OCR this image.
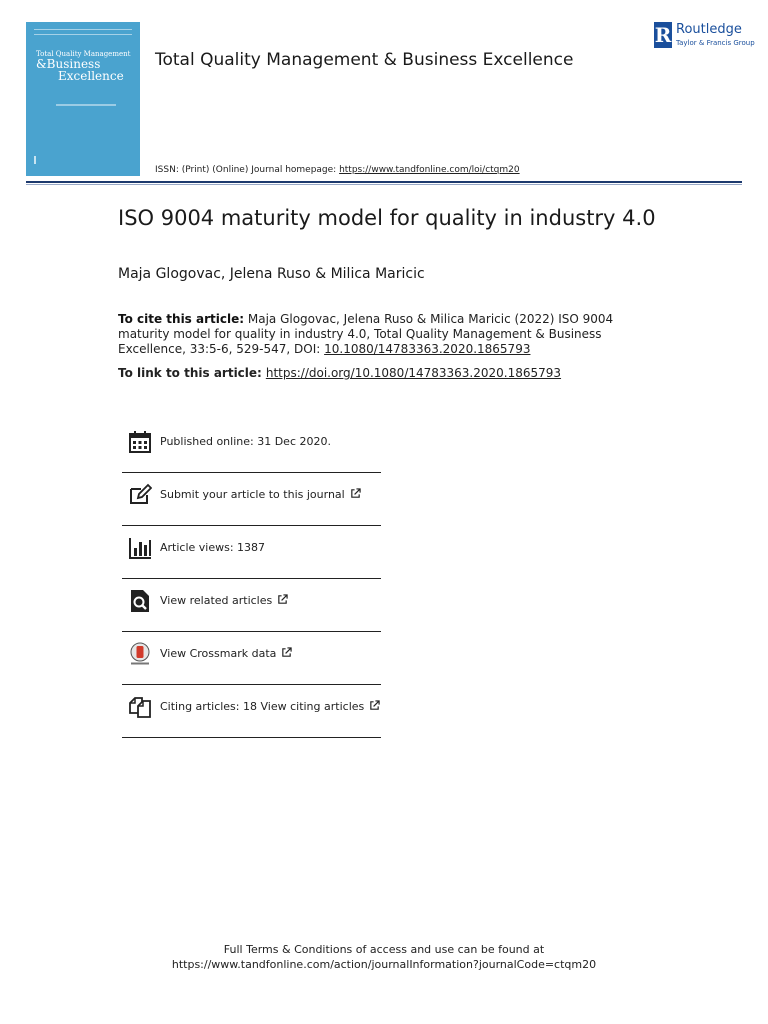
Total Quality Management
&Business
Excellence
Total Quality Management & Business Excellence
ISSN: (Print) (Online) Journal homepage: https://www.tandfonline.com/loi/ctqm20
R Routledge
Taylor & Francis Group
ISO 9004 maturity model for quality in industry 4.0
Maja Glogovac, Jelena Ruso & Milica Maricic
To cite this article: Maja Glogovac, Jelena Ruso & Milica Maricic (2022) ISO 9004 maturity model for quality in industry 4.0, Total Quality Management & Business Excellence, 33:5-6, 529-547, DOI: 10.1080/14783363.2020.1865793
To link to this article: https://doi.org/10.1080/14783363.2020.1865793
Published online: 31 Dec 2020.
Submit your article to this journal
Article views: 1387
View related articles
View Crossmark data
Citing articles: 18 View citing articles
Full Terms & Conditions of access and use can be found at
https://www.tandfonline.com/action/journalInformation?journalCode=ctqm20
